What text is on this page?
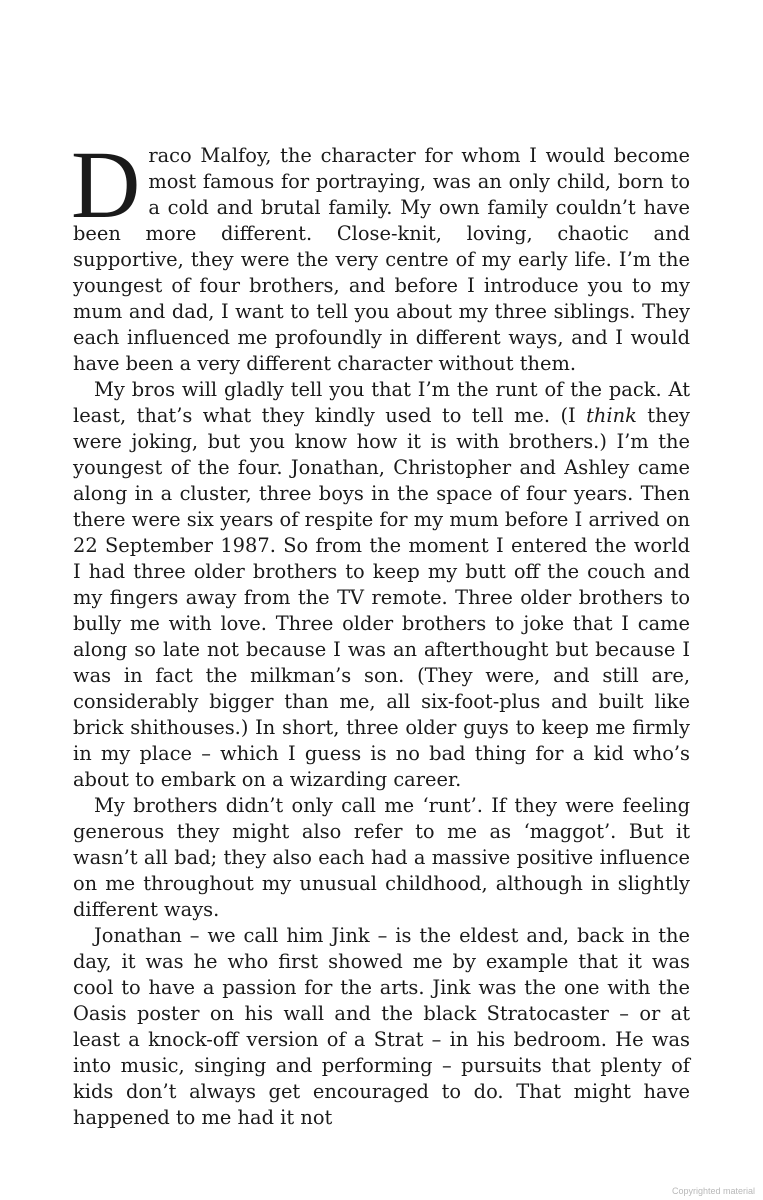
Draco Malfoy, the character for whom I would become most famous for portraying, was an only child, born to a cold and brutal family. My own family couldn’t have been more different. Close-knit, loving, chaotic and supportive, they were the very centre of my early life. I’m the youngest of four brothers, and before I introduce you to my mum and dad, I want to tell you about my three siblings. They each influenced me profoundly in different ways, and I would have been a very different character without them.

My bros will gladly tell you that I’m the runt of the pack. At least, that’s what they kindly used to tell me. (I think they were joking, but you know how it is with brothers.) I’m the youngest of the four. Jonathan, Christopher and Ashley came along in a cluster, three boys in the space of four years. Then there were six years of respite for my mum before I arrived on 22 September 1987. So from the moment I entered the world I had three older brothers to keep my butt off the couch and my fingers away from the TV remote. Three older brothers to bully me with love. Three older brothers to joke that I came along so late not because I was an afterthought but because I was in fact the milkman’s son. (They were, and still are, considerably bigger than me, all six-foot-plus and built like brick shithouses.) In short, three older guys to keep me firmly in my place – which I guess is no bad thing for a kid who’s about to embark on a wizarding career.

My brothers didn’t only call me ‘runt’. If they were feeling generous they might also refer to me as ‘maggot’. But it wasn’t all bad; they also each had a massive positive influence on me throughout my unusual childhood, although in slightly different ways.

Jonathan – we call him Jink – is the eldest and, back in the day, it was he who first showed me by example that it was cool to have a passion for the arts. Jink was the one with the Oasis poster on his wall and the black Stratocaster – or at least a knock-off version of a Strat – in his bedroom. He was into music, singing and performing – pursuits that plenty of kids don’t always get encouraged to do. That might have happened to me had it not

Copyrighted material
